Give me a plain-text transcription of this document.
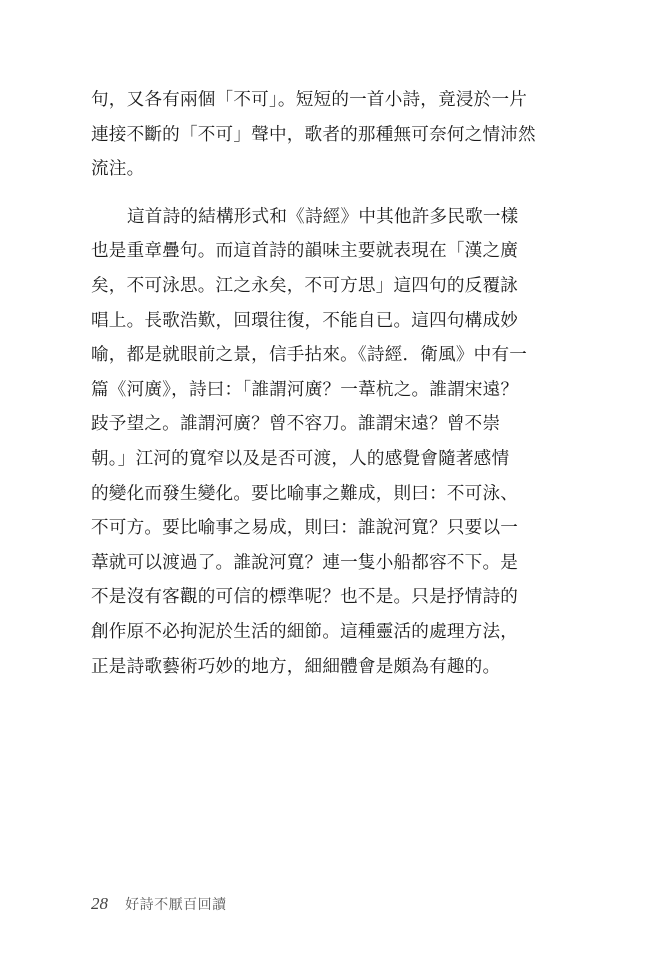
句，又各有兩個「不可」。短短的一首小詩，竟浸於一片
連接不斷的「不可」聲中，歌者的那種無可奈何之情沛然
流注。
這首詩的結構形式和《詩經》中其他許多民歌一樣
也是重章疊句。而這首詩的韻味主要就表現在「漢之廣
矣，不可泳思。江之永矣，不可方思」這四句的反覆詠
唱上。長歌浩歎，回環往復，不能自已。這四句構成妙
喻，都是就眼前之景，信手拈來。《詩經．衛風》中有一
篇《河廣》，詩曰：「誰謂河廣？一葦杭之。誰謂宋遠？
跂予望之。誰謂河廣？曾不容刀。誰謂宋遠？曾不崇
朝。」江河的寬窄以及是否可渡，人的感覺會隨著感情
的變化而發生變化。要比喻事之難成，則曰：不可泳、
不可方。要比喻事之易成，則曰：誰說河寬？只要以一
葦就可以渡過了。誰說河寬？連一隻小船都容不下。是
不是沒有客觀的可信的標準呢？也不是。只是抒情詩的
創作原不必拘泥於生活的細節。這種靈活的處理方法，
正是詩歌藝術巧妙的地方，細細體會是頗為有趣的。
28 好詩不厭百回讀
